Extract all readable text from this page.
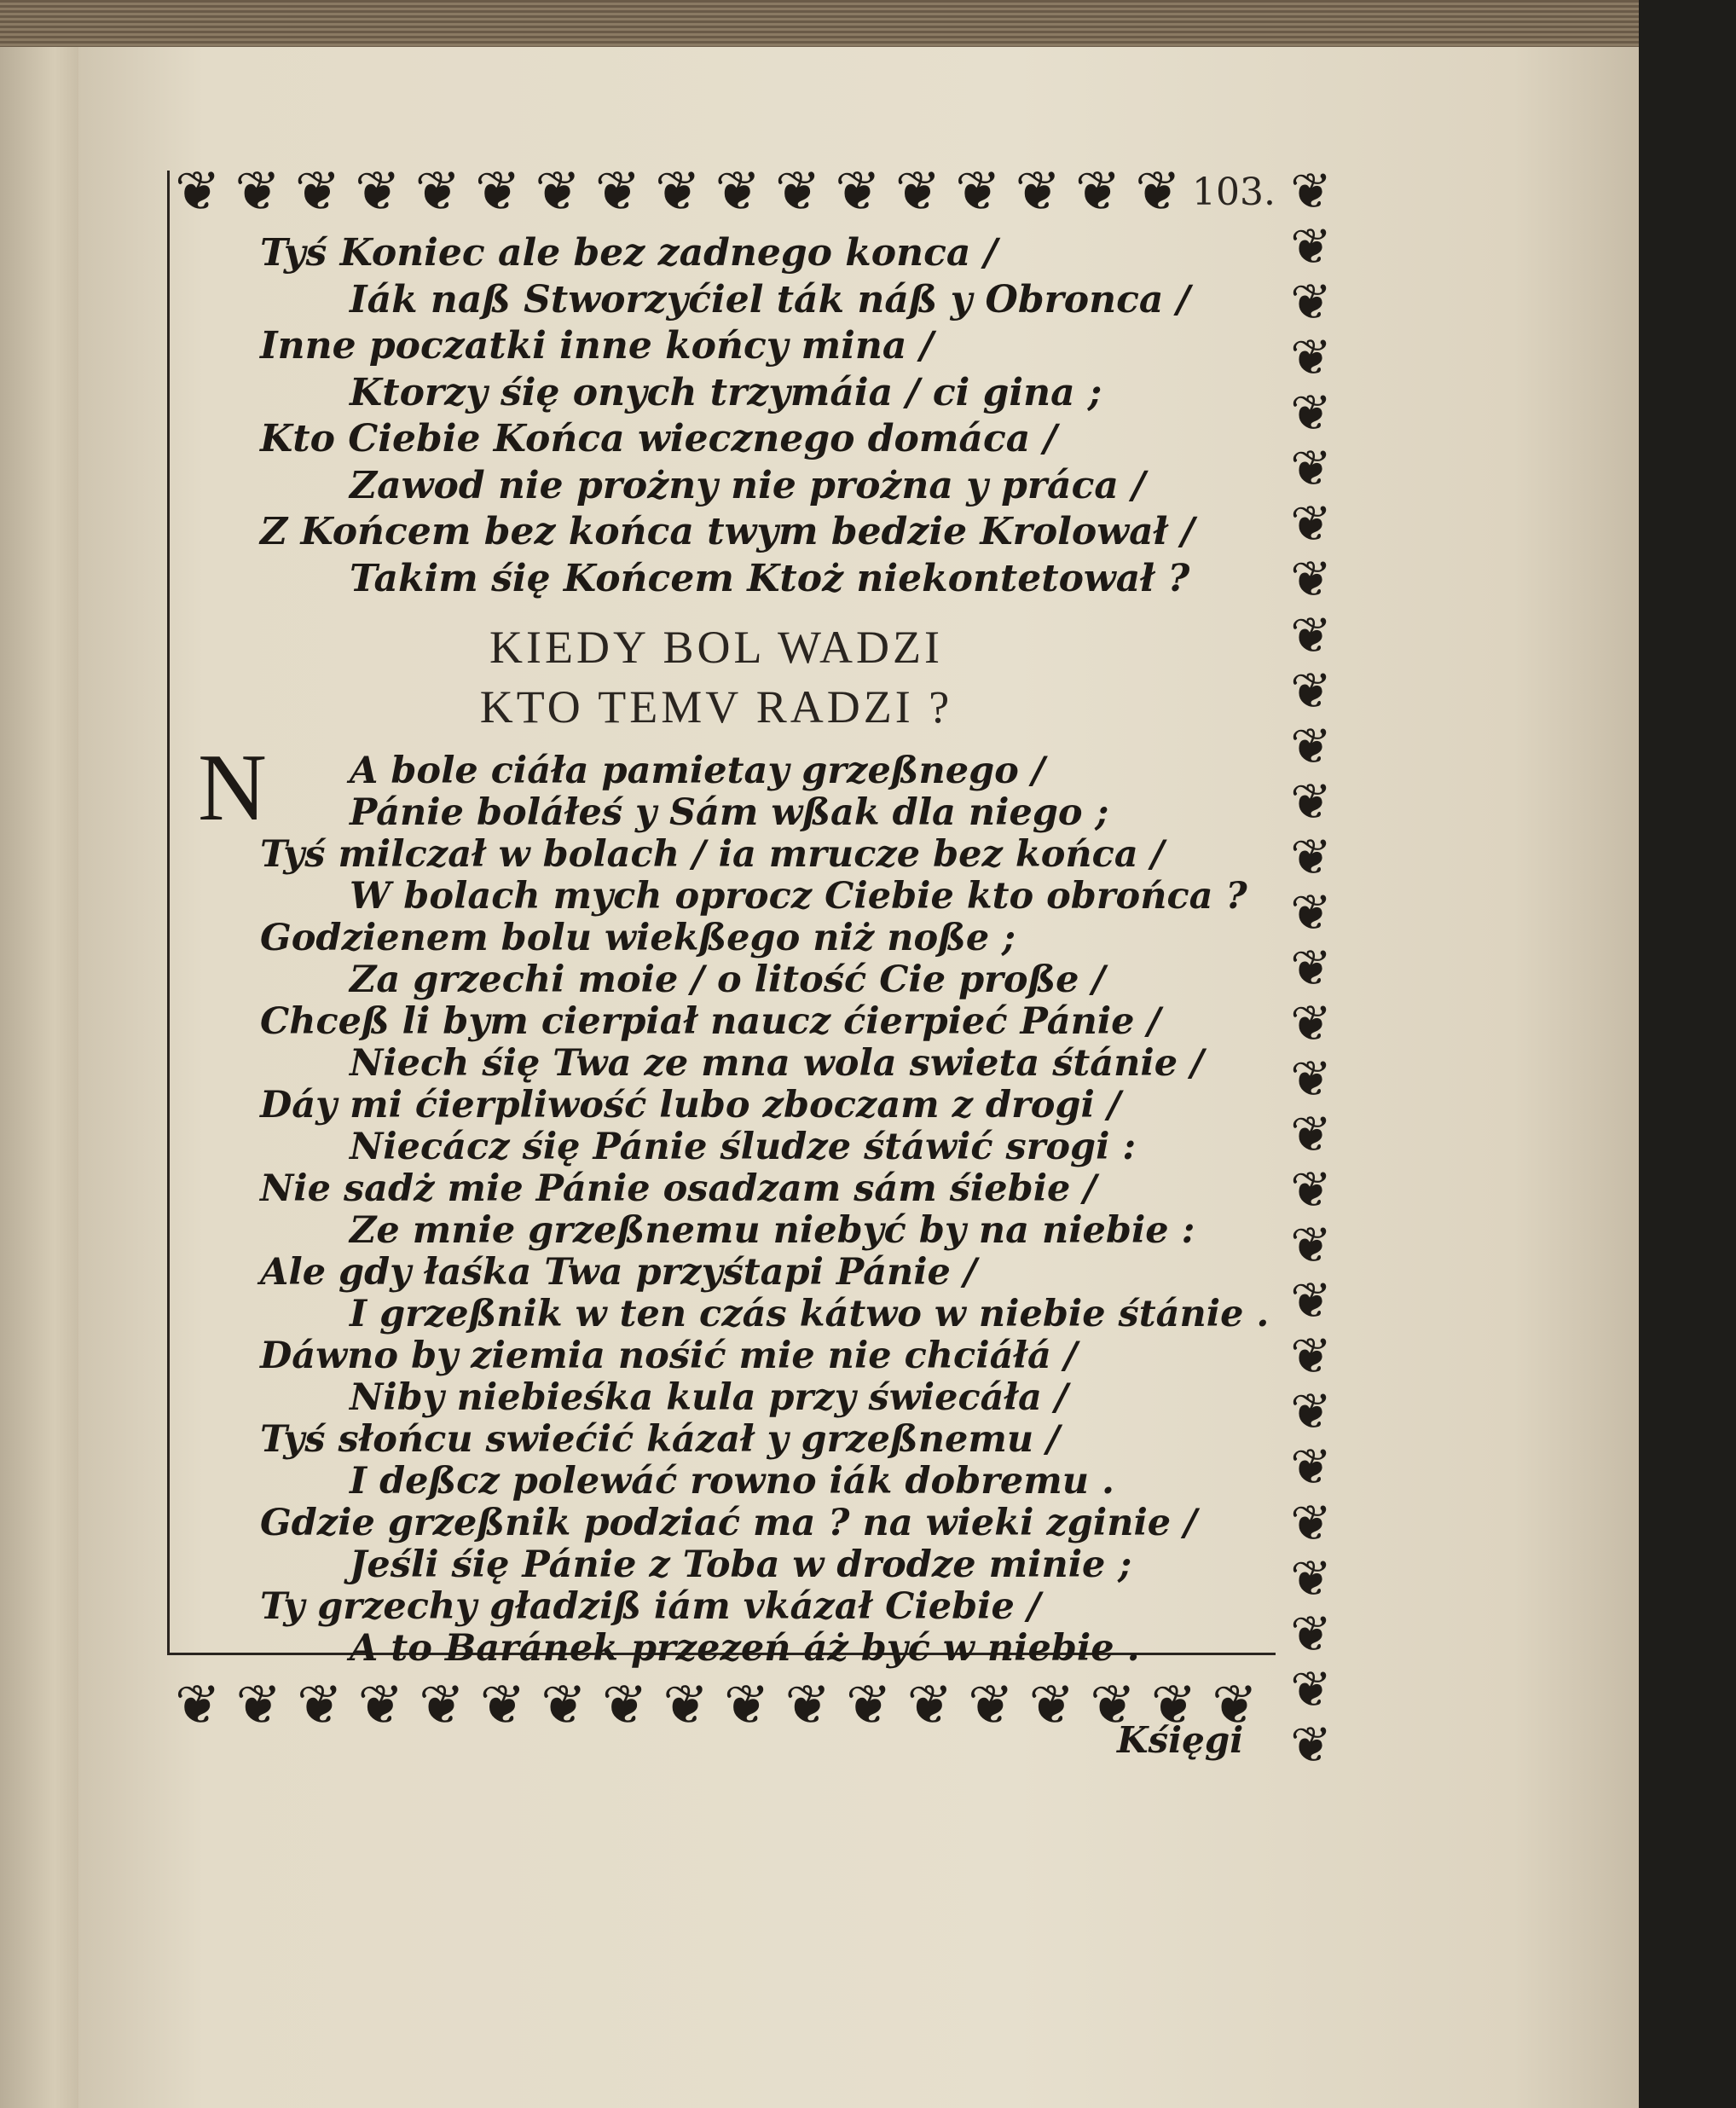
❦ ❦ ❦ ❦ ❦ ❦ ❦ ❦ ❦ ❦ ❦ ❦ ❦ ❦ ❦ ❦ ❦ ❦
❦
❦
❦
❦
❦
❦
❦
❦
❦
❦
❦
❦
❦
❦
❦
❦
❦
❦
❦
❦
❦
❦
❦
❦
❦
❦
❦
❦
❦ ❦ ❦ ❦ ❦ ❦ ❦ ❦ ❦ ❦ ❦ ❦ ❦ ❦ ❦ ❦ ❦ ❦
103.
Tyś Koniec ale bez zadnego konca /
Iák naß Stworzyćiel ták náß y Obronca /
Inne poczatki inne końcy mina /
Ktorzy śię onych trzymáia / ci gina ;
Kto Ciebie Końca wiecznego domáca /
Zawod nie prożny nie prożna y práca /
Z Końcem bez końca twym bedzie Krolował /
Takim śię Końcem Ktoż niekontetował ?
KIEDY BOL WADZI
KTO TEMV RADZI ?
N	A bole ciáła pamietay grzeßnego /
Pánie boláłeś y Sám wßak dla niego ;
Tyś milczał w bolach / ia mrucze bez końca /
W bolach mych oprocz Ciebie kto obrońca ?
Godzienem bolu wiekßego niż noße ;
Za grzechi moie / o litość Cie proße /
Chceß li bym cierpiał naucz ćierpieć Pánie /
Niech śię Twa ze mna wola swieta śtánie /
Dáy mi ćierpliwość lubo zboczam z drogi /
Niecácz śię Pánie śludze śtáwić srogi :
Nie sadż mie Pánie osadzam sám śiebie /
Ze mnie grzeßnemu niebyć by na niebie :
Ale gdy łaśka Twa przyśtapi Pánie /
I grzeßnik w ten czás kátwo w niebie śtánie .
Dáwno by ziemia nośić mie nie chciáłá /
Niby niebieśka kula przy świecáła /
Tyś słońcu swiećić kázał y grzeßnemu /
I deßcz polewáć rowno iák dobremu .
Gdzie grzeßnik podziać ma ? na wieki zginie /
Jeśli śię Pánie z Toba w drodze minie ;
Ty grzechy gładziß iám vkázał Ciebie /
A to Baránek przezeń áż być w niebie .
Kśięgi
